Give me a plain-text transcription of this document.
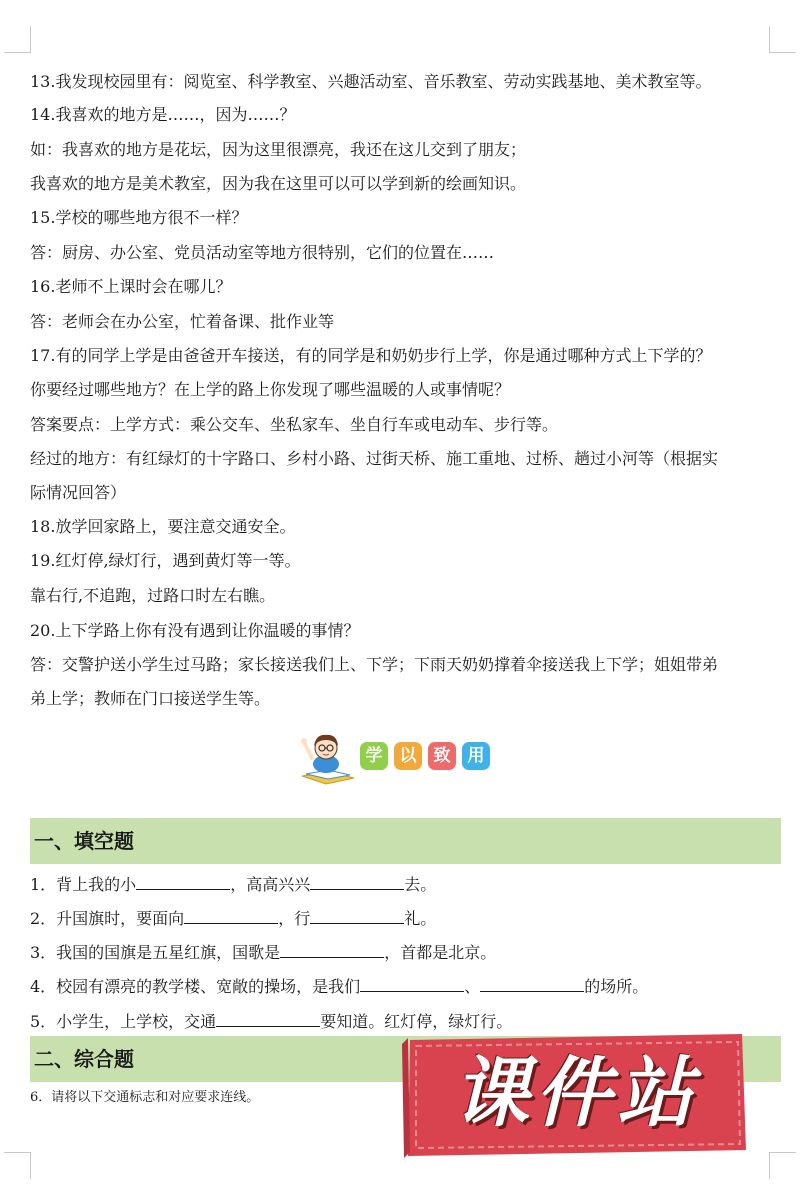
13.我发现校园里有：阅览室、科学教室、兴趣活动室、音乐教室、劳动实践基地、美术教室等。
14.我喜欢的地方是……，因为……？
如：我喜欢的地方是花坛，因为这里很漂亮，我还在这儿交到了朋友；
我喜欢的地方是美术教室，因为我在这里可以可以学到新的绘画知识。
15.学校的哪些地方很不一样？
答：厨房、办公室、党员活动室等地方很特别，它们的位置在……
16.老师不上课时会在哪儿？
答：老师会在办公室，忙着备课、批作业等
17.有的同学上学是由爸爸开车接送，有的同学是和奶奶步行上学，你是通过哪种方式上下学的？
你要经过哪些地方？在上学的路上你发现了哪些温暖的人或事情呢？
答案要点：上学方式：乘公交车、坐私家车、坐自行车或电动车、步行等。
经过的地方：有红绿灯的十字路口、乡村小路、过街天桥、施工重地、过桥、趟过小河等（根据实
际情况回答）
18.放学回家路上，要注意交通安全。
19.红灯停,绿灯行，遇到黄灯等一等。
靠右行,不追跑，过路口时左右瞧。
20.上下学路上你有没有遇到让你温暖的事情？
答：交警护送小学生过马路；家长接送我们上、下学；下雨天奶奶撑着伞接送我上下学；姐姐带弟
弟上学；教师在门口接送学生等。
学	以	致	用
一、填空题
1．背上我的小	，高高兴兴	去。
2．升国旗时，要面向	，行	礼。
3．我国的国旗是五星红旗，国歌是	，首都是北京。
4．校园有漂亮的教学楼、宽敞的操场，是我们	、	的场所。
5．小学生，上学校，交通	要知道。红灯停，绿灯行。
二、综合题
6．请将以下交通标志和对应要求连线。	课件站
